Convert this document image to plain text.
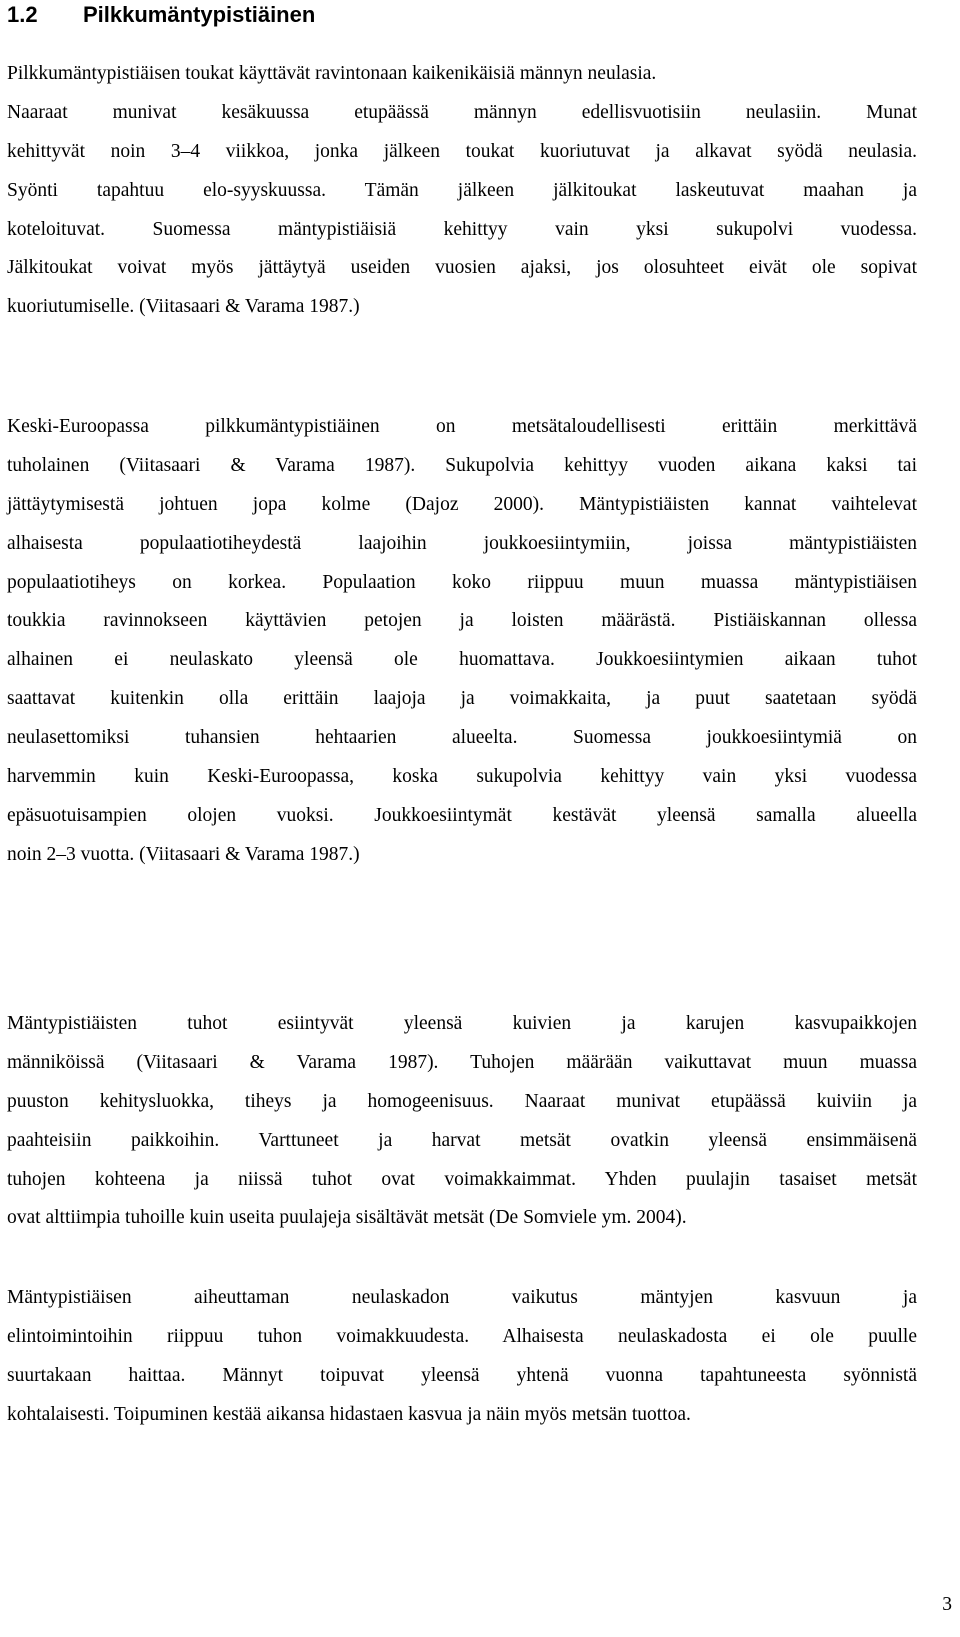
1.2 Pilkkumäntypistiäinen
Pilkkumäntypistiäisen toukat käyttävät ravintonaan kaikenikäisiä männyn neulasia.
Naaraat munivat kesäkuussa etupäässä männyn edellisvuotisiin neulasiin. Munat
kehittyvät noin 3–4 viikkoa, jonka jälkeen toukat kuoriutuvat ja alkavat syödä neulasia.
Syönti tapahtuu elo-syyskuussa. Tämän jälkeen jälkitoukat laskeutuvat maahan ja
koteloituvat. Suomessa mäntypistiäisiä kehittyy vain yksi sukupolvi vuodessa.
Jälkitoukat voivat myös jättäytyä useiden vuosien ajaksi, jos olosuhteet eivät ole sopivat
kuoriutumiselle. (Viitasaari & Varama 1987.)
Keski-Euroopassa pilkkumäntypistiäinen on metsätaloudellisesti erittäin merkittävä
tuholainen (Viitasaari & Varama 1987). Sukupolvia kehittyy vuoden aikana kaksi tai
jättäytymisestä johtuen jopa kolme (Dajoz 2000). Mäntypistiäisten kannat vaihtelevat
alhaisesta populaatiotiheydestä laajoihin joukkoesiintymiin, joissa mäntypistiäisten
populaatiotiheys on korkea. Populaation koko riippuu muun muassa mäntypistiäisen
toukkia ravinnokseen käyttävien petojen ja loisten määrästä. Pistiäiskannan ollessa
alhainen ei neulaskato yleensä ole huomattava. Joukkoesiintymien aikaan tuhot
saattavat kuitenkin olla erittäin laajoja ja voimakkaita, ja puut saatetaan syödä
neulasettomiksi tuhansien hehtaarien alueelta. Suomessa joukkoesiintymiä on
harvemmin kuin Keski-Euroopassa, koska sukupolvia kehittyy vain yksi vuodessa
epäsuotuisampien olojen vuoksi. Joukkoesiintymät kestävät yleensä samalla alueella
noin 2–3 vuotta. (Viitasaari & Varama 1987.)
Mäntypistiäisten tuhot esiintyvät yleensä kuivien ja karujen kasvupaikkojen
männiköissä (Viitasaari & Varama 1987). Tuhojen määrään vaikuttavat muun muassa
puuston kehitysluokka, tiheys ja homogeenisuus. Naaraat munivat etupäässä kuiviin ja
paahteisiin paikkoihin. Varttuneet ja harvat metsät ovatkin yleensä ensimmäisenä
tuhojen kohteena ja niissä tuhot ovat voimakkaimmat. Yhden puulajin tasaiset metsät
ovat alttiimpia tuhoille kuin useita puulajeja sisältävät metsät (De Somviele ym. 2004).
Mäntypistiäisen aiheuttaman neulaskadon vaikutus mäntyjen kasvuun ja
elintoimintoihin riippuu tuhon voimakkuudesta. Alhaisesta neulaskadosta ei ole puulle
suurtakaan haittaa. Männyt toipuvat yleensä yhtenä vuonna tapahtuneesta syönnistä
kohtalaisesti. Toipuminen kestää aikansa hidastaen kasvua ja näin myös metsän tuottoa.
3
